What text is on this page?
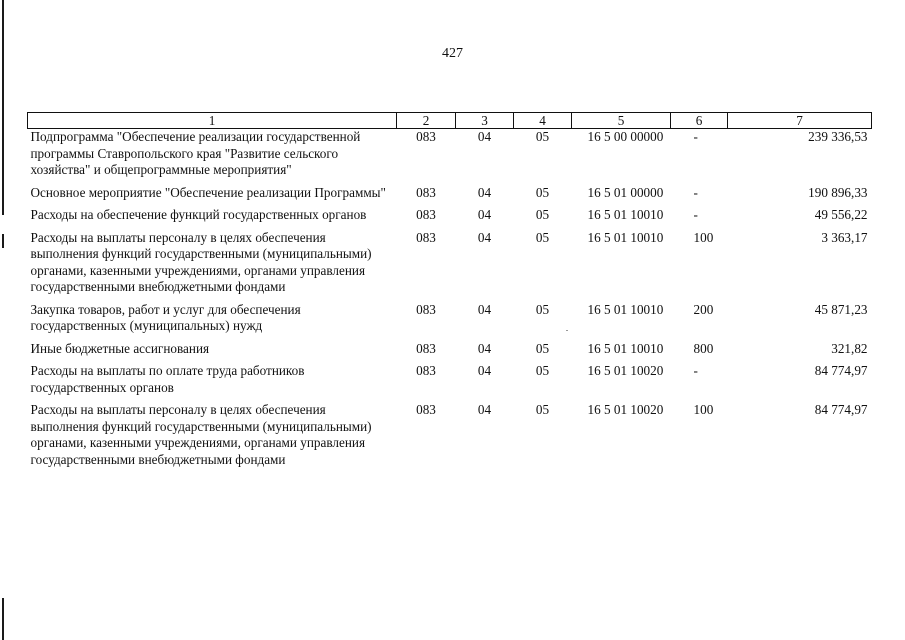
427
1	2	3	4	5	6	7
Подпрограмма "Обеспечение реализации государственной программы Ставропольского края "Развитие сельского хозяйства" и общепрограммные мероприятия"	083	04	05	16 5 00 00000	-	239 336,53
Основное мероприятие "Обеспечение реализации Программы"	083	04	05	16 5 01 00000	-	190 896,33
Расходы на обеспечение функций государственных органов	083	04	05	16 5 01 10010	-	49 556,22
Расходы на выплаты персоналу в целях обеспечения выполнения функций государственными (муниципальными) органами, казенными учреждениями, органами управления государственными внебюджетными фондами	083	04	05	16 5 01 10010	100	3 363,17
Закупка товаров, работ и услуг для обеспечения государственных (муниципальных) нужд	083	04	05	16 5 01 10010	200	45 871,23
Иные бюджетные ассигнования	083	04	05	16 5 01 10010	800	321,82
Расходы на выплаты по оплате труда работников государственных органов	083	04	05	16 5 01 10020	-	84 774,97
Расходы на выплаты персоналу в целях обеспечения выполнения функций государственными (муниципальными) органами, казенными учреждениями, органами управления государственными внебюджетными фондами	083	04	05	16 5 01 10020	100	84 774,97
